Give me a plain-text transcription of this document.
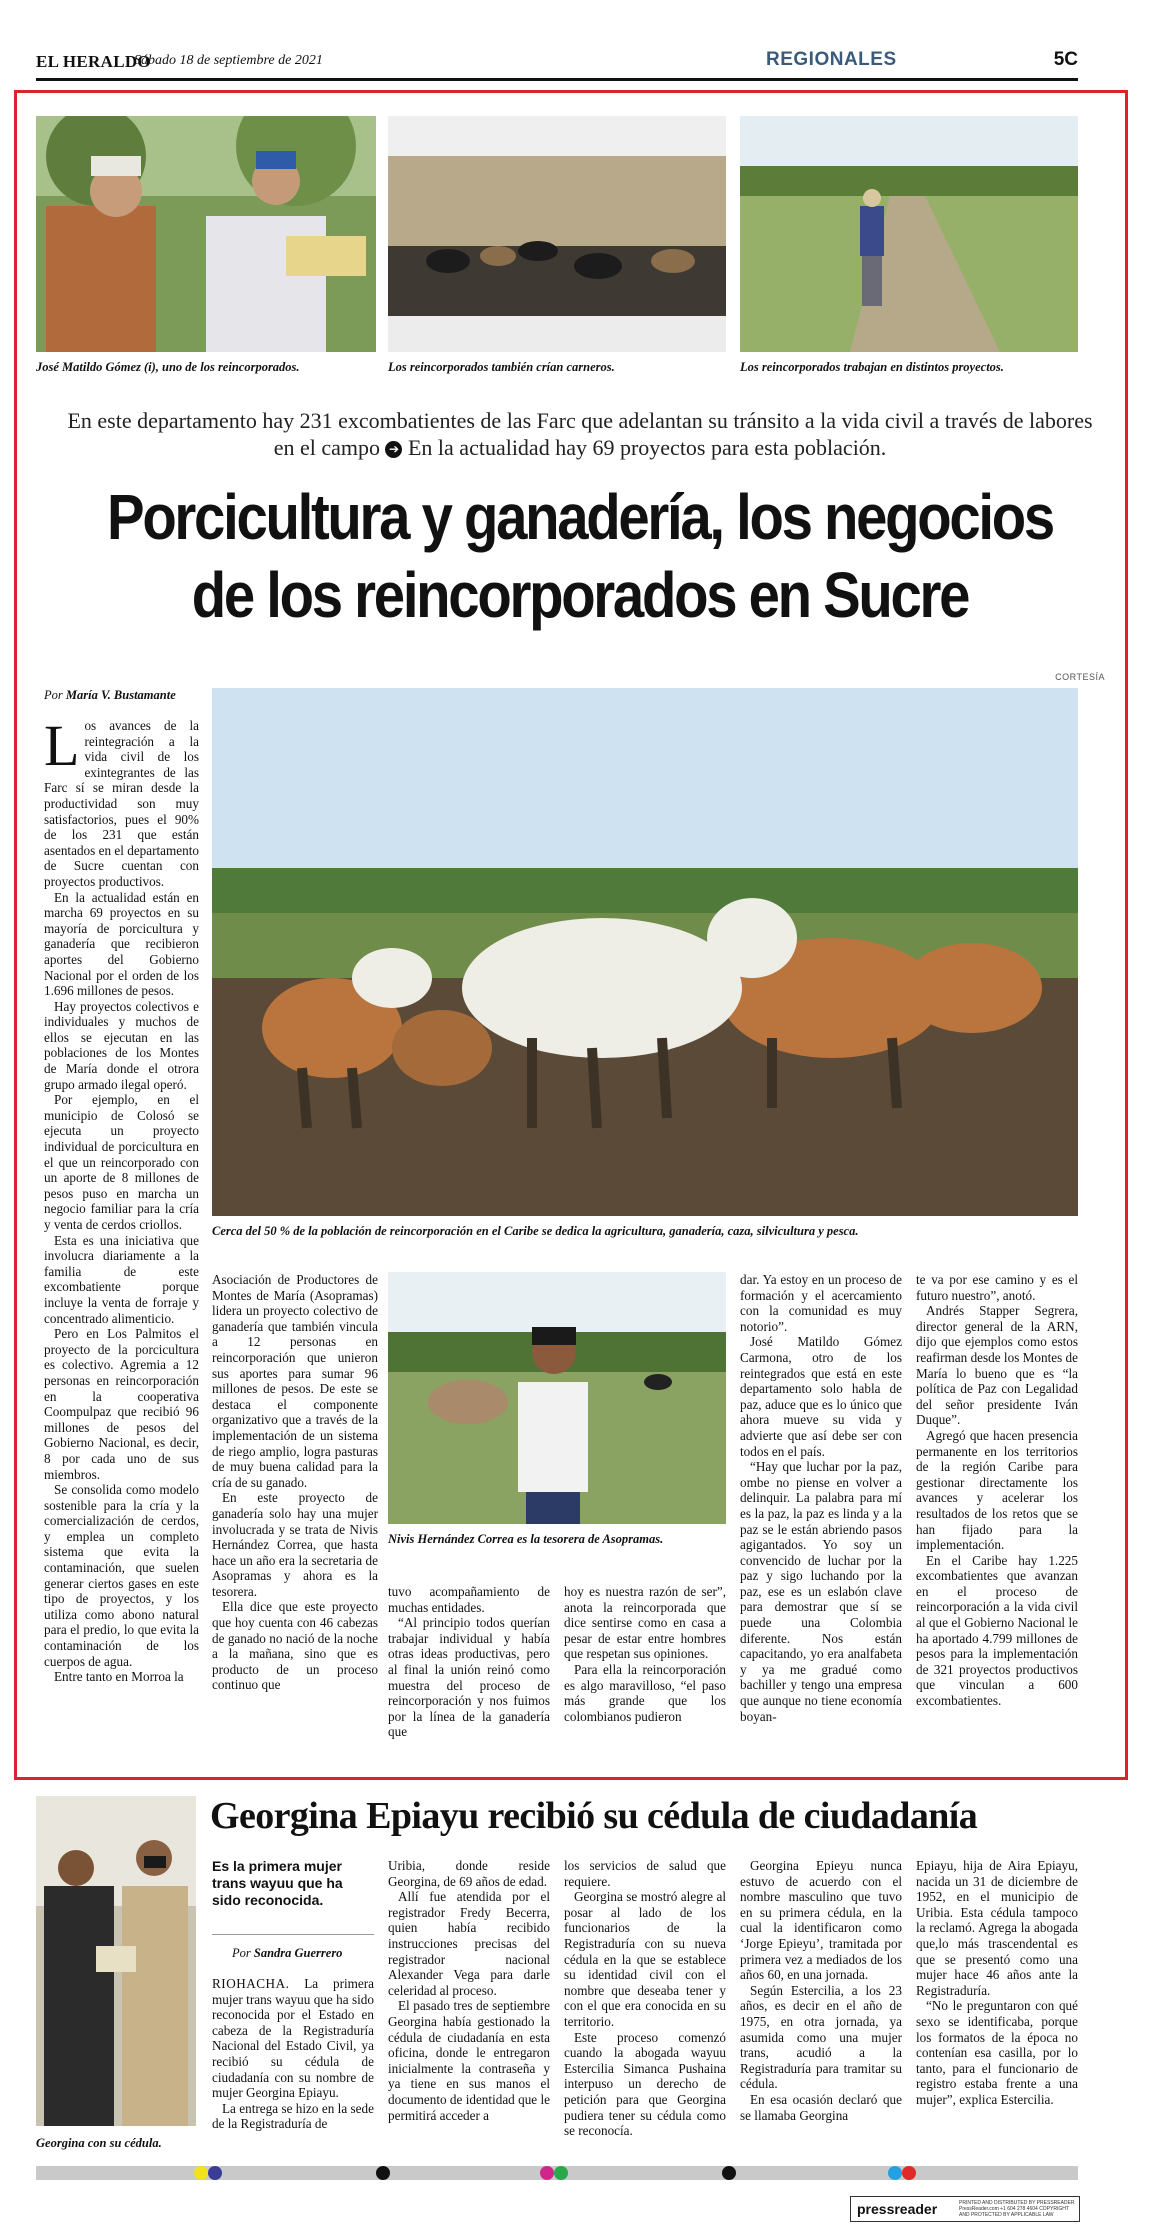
EL HERALDO
Sábado 18 de septiembre de 2021	REGIONALES	5C
José Matildo Gómez (i), uno de los reincorporados.	Los reincorporados también crían carneros.	Los reincorporados trabajan en distintos proyectos.
En este departamento hay 231 excombatientes de las Farc que adelantan su tránsito a la vida civil a través de labores en el campo ➔ En la actualidad hay 69 proyectos para esta población.
Porcicultura y ganadería, los negocios
de los reincorporados en Sucre
CORTESÍA
Por María V. Bustamante
Cerca del 50 % de la población de reincorporación en el Caribe se dedica la agricultura, ganadería, caza, silvicultura y pesca.

Los avances de la reintegración a la vida civil de los exintegrantes de las Farc sí se miran desde la productividad son muy satisfactorios, pues el 90% de los 231 que están asentados en el departamento de Sucre cuentan con proyectos productivos.

En la actualidad están en marcha 69 proyectos en su mayoría de porcicultura y ganadería que recibieron aportes del Gobierno Nacional por el orden de los 1.696 millones de pesos.

Hay proyectos colectivos e individuales y muchos de ellos se ejecutan en las poblaciones de los Montes de María donde el otrora grupo armado ilegal operó.

Por ejemplo, en el municipio de Colosó se ejecuta un proyecto individual de porcicultura en el que un reincorporado con un aporte de 8 millones de pesos puso en marcha un negocio familiar para la cría y venta de cerdos criollos.

Esta es una iniciativa que involucra diariamente a la familia de este excombatiente porque incluye la venta de forraje y concentrado alimenticio.

Pero en Los Palmitos el proyecto de la porcicultura es colectivo. Agremia a 12 personas en reincorporación en la cooperativa Coompulpaz que recibió 96 millones de pesos del Gobierno Nacional, es decir, 8 por cada uno de sus miembros.

Se consolida como modelo sostenible para la cría y la comercialización de cerdos, y emplea un completo sistema que evita la contaminación, que suelen generar ciertos gases en este tipo de proyectos, y los utiliza como abono natural para el predio, lo que evita la contaminación de los cuerpos de agua.

Entre tanto en Morroa la

Asociación de Productores de Montes de María (Asopramas) lidera un proyecto colectivo de ganadería que también vincula a 12 personas en reincorporación que unieron sus aportes para sumar 96 millones de pesos. De este se destaca el componente organizativo que a través de la implementación de un sistema de riego amplio, logra pasturas de muy buena calidad para la cría de su ganado.

En este proyecto de ganadería solo hay una mujer involucrada y se trata de Nivis Hernández Correa, que hasta hace un año era la secretaria de Asopramas y ahora es la tesorera.

Ella dice que este proyecto que hoy cuenta con 46 cabezas de ganado no nació de la noche a la mañana, sino que es producto de un proceso continuo que

Nivis Hernández Correa es la tesorera de Asopramas.

tuvo acompañamiento de muchas entidades.

“Al principio todos querían trabajar individual y había otras ideas productivas, pero al final la unión reinó como muestra del proceso de reincorporación y nos fuimos por la línea de la ganadería que

hoy es nuestra razón de ser”, anota la reincorporada que dice sentirse como en casa a pesar de estar entre hombres que respetan sus opiniones.

Para ella la reincorporación es algo maravilloso, “el paso más grande que los colombianos pudieron

dar. Ya estoy en un proceso de formación y el acercamiento con la comunidad es muy notorio”.

José Matildo Gómez Carmona, otro de los reintegrados que está en este departamento solo habla de paz, aduce que es lo único que ahora mueve su vida y advierte que así debe ser con todos en el país.

“Hay que luchar por la paz, ombe no piense en volver a delinquir. La palabra para mí es la paz, la paz es linda y a la paz se le están abriendo pasos agigantados. Yo soy un convencido de luchar por la paz y sigo luchando por la paz, ese es un eslabón clave para demostrar que sí se puede una Colombia diferente. Nos están capacitando, yo era analfabeta y ya me gradué como bachiller y tengo una empresa que aunque no tiene economía boyan-

te va por ese camino y es el futuro nuestro”, anotó.

Andrés Stapper Segrera, director general de la ARN, dijo que ejemplos como estos reafirman desde los Montes de María lo bueno que es “la política de Paz con Legalidad del señor presidente Iván Duque”.

Agregó que hacen presencia permanente en los territorios de la región Caribe para gestionar directamente los avances y acelerar los resultados de los retos que se han fijado para la implementación.

En el Caribe hay 1.225 excombatientes que avanzan en el proceso de reincorporación a la vida civil al que el Gobierno Nacional le ha aportado 4.799 millones de pesos para la implementación de 321 proyectos productivos que vinculan a 600 excombatientes.

Georgina con su cédula.
Georgina Epiayu recibió su cédula de ciudadanía
Es la primera mujer trans wayuu que ha sido reconocida.
Por Sandra Guerrero

RIOHACHA. La primera mujer trans wayuu que ha sido reconocida por el Estado en cabeza de la Registraduría Nacional del Estado Civil, ya recibió su cédula de ciudadanía con su nombre de mujer Georgina Epiayu.

La entrega se hizo en la sede de la Registraduría de

Uribia, donde reside Georgina, de 69 años de edad.

Allí fue atendida por el registrador Fredy Becerra, quien había recibido instrucciones precisas del registrador nacional Alexander Vega para darle celeridad al proceso.

El pasado tres de septiembre Georgina había gestionado la cédula de ciudadanía en esta oficina, donde le entregaron inicialmente la contraseña y ya tiene en sus manos el documento de identidad que le permitirá acceder a

los servicios de salud que requiere.

Georgina se mostró alegre al posar al lado de los funcionarios de la Registraduría con su nueva cédula en la que se establece su identidad civil con el nombre que deseaba tener y con el que era conocida en su territorio.

Este proceso comenzó cuando la abogada wayuu Estercilia Simanca Pushaina interpuso un derecho de petición para que Georgina pudiera tener su cédula como se reconocía.

Georgina Epieyu nunca estuvo de acuerdo con el nombre masculino que tuvo en su primera cédula, en la cual la identificaron como ‘Jorge Epieyu’, tramitada por primera vez a mediados de los años 60, en una jornada.

Según Estercilia, a los 23 años, es decir en el año de 1975, en otra jornada, ya asumida como una mujer trans, acudió a la Registraduría para tramitar su cédula.

En esa ocasión declaró que se llamaba Georgina

Epiayu, hija de Aira Epiayu, nacida un 31 de diciembre de 1952, en el municipio de Uribia. Esta cédula tampoco la reclamó. Agrega la abogada que,lo más trascendental es que se presentó como una mujer hace 46 años ante la Registraduría.

“No le preguntaron con qué sexo se identificaba, porque los formatos de la época no contenían esa casilla, por lo tanto, para el funcionario de registro estaba frente a una mujer”, explica Estercilia.

pressreader	PRINTED AND DISTRIBUTED BY PRESSREADER PressReader.com +1 604 278 4604 COPYRIGHT AND PROTECTED BY APPLICABLE LAW
